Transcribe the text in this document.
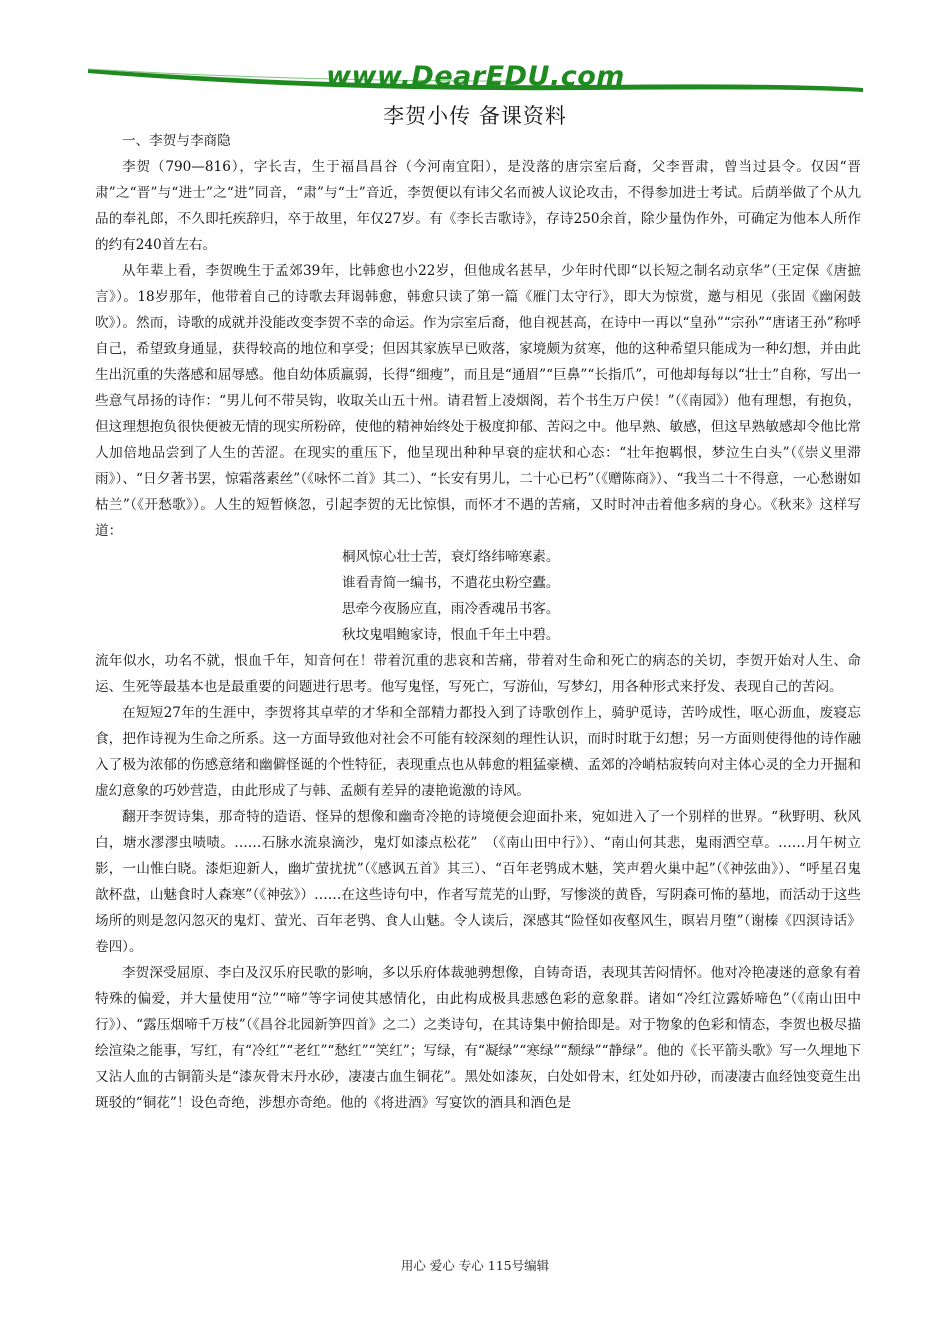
www.DearEDU.com
李贺小传 备课资料

一、李贺与李商隐

李贺（790—816），字长吉，生于福昌昌谷（今河南宜阳），是没落的唐宗室后裔，父李晋肃，曾当过县令。仅因“晋肃”之“晋”与“进士”之“进”同音，“肃”与“士”音近，李贺便以有讳父名而被人议论攻击，不得参加进士考试。后荫举做了个从九品的奉礼郎，不久即托疾辞归，卒于故里，年仅27岁。有《李长吉歌诗》，存诗250余首，除少量伪作外，可确定为他本人所作的约有240首左右。

从年辈上看，李贺晚生于孟郊39年，比韩愈也小22岁，但他成名甚早，少年时代即“以长短之制名动京华”（王定保《唐摭言》）。18岁那年，他带着自己的诗歌去拜谒韩愈，韩愈只读了第一篇《雁门太守行》，即大为惊赏，邀与相见（张固《幽闲鼓吹》）。然而，诗歌的成就并没能改变李贺不幸的命运。作为宗室后裔，他自视甚高，在诗中一再以“皇孙”“宗孙”“唐诸王孙”称呼自己，希望致身通显，获得较高的地位和享受；但因其家族早已败落，家境颇为贫寒，他的这种希望只能成为一种幻想，并由此生出沉重的失落感和屈辱感。他自幼体质羸弱，长得“细瘦”，而且是“通眉”“巨鼻”“长指爪”，可他却每每以“壮士”自称，写出一些意气昂扬的诗作：“男儿何不带吴钩，收取关山五十州。请君暂上凌烟阁，若个书生万户侯！”（《南园》）他有理想，有抱负，但这理想抱负很快便被无情的现实所粉碎，使他的精神始终处于极度抑郁、苦闷之中。他早熟、敏感，但这早熟敏感却令他比常人加倍地品尝到了人生的苦涩。在现实的重压下，他呈现出种种早衰的症状和心态：“壮年抱羁恨，梦泣生白头”（《崇义里滞雨》）、“日夕著书罢，惊霜落素丝”（《咏怀二首》其二）、“长安有男儿，二十心已朽”（《赠陈商》）、“我当二十不得意，一心愁谢如枯兰”（《开愁歌》）。人生的短暂倏忽，引起李贺的无比惊惧，而怀才不遇的苦痛，又时时冲击着他多病的身心。《秋来》这样写道：

桐风惊心壮士苦，衰灯络纬啼寒素。
谁看青简一编书，不遣花虫粉空蠹。
思牵今夜肠应直，雨冷香魂吊书客。
秋坟鬼唱鲍家诗，恨血千年土中碧。

流年似水，功名不就，恨血千年，知音何在！带着沉重的悲哀和苦痛，带着对生命和死亡的病态的关切，李贺开始对人生、命运、生死等最基本也是最重要的问题进行思考。他写鬼怪，写死亡，写游仙，写梦幻，用各种形式来抒发、表现自己的苦闷。

在短短27年的生涯中，李贺将其卓荦的才华和全部精力都投入到了诗歌创作上，骑驴觅诗，苦吟成性，呕心沥血，废寝忘食，把作诗视为生命之所系。这一方面导致他对社会不可能有较深刻的理性认识，而时时耽于幻想；另一方面则使得他的诗作融入了极为浓郁的伤感意绪和幽僻怪诞的个性特征，表现重点也从韩愈的粗猛豪横、孟郊的冷峭枯寂转向对主体心灵的全力开掘和虚幻意象的巧妙营造，由此形成了与韩、孟颇有差异的凄艳诡激的诗风。

翻开李贺诗集，那奇特的造语、怪异的想像和幽奇冷艳的诗境便会迎面扑来，宛如进入了一个别样的世界。“秋野明、秋风白，塘水漻漻虫啧啧。……石脉水流泉滴沙，鬼灯如漆点松花”　（《南山田中行》）、“南山何其悲，鬼雨洒空草。……月午树立影，一山惟白晓。漆炬迎新人，幽圹萤扰扰”（《感讽五首》其三）、“百年老鸮成木魅，笑声碧火巢中起”（《神弦曲》）、“呼星召鬼歆杯盘，山魅食时人森寒”（《神弦》）……在这些诗句中，作者写荒芜的山野，写惨淡的黄昏，写阴森可怖的墓地，而活动于这些场所的则是忽闪忽灭的鬼灯、萤光、百年老鸮、食人山魅。令人读后，深感其“险怪如夜壑风生，暝岩月堕”（谢榛《四溟诗话》卷四）。

李贺深受屈原、李白及汉乐府民歌的影响，多以乐府体裁驰骋想像，自铸奇语，表现其苦闷情怀。他对冷艳凄迷的意象有着特殊的偏爱，并大量使用“泣”“啼”等字词使其感情化，由此构成极具悲感色彩的意象群。诸如“冷红泣露娇啼色”（《南山田中行》）、“露压烟啼千万枝”（《昌谷北园新笋四首》之二）之类诗句，在其诗集中俯拾即是。对于物象的色彩和情态，李贺也极尽描绘渲染之能事，写红，有“冷红”“老红”“愁红”“笑红”；写绿，有“凝绿”“寒绿”“颓绿”“静绿”。他的《长平箭头歌》写一久埋地下又沾人血的古铜箭头是“漆灰骨末丹水砂，凄凄古血生铜花”。黑处如漆灰，白处如骨末，红处如丹砂，而凄凄古血经蚀变竟生出斑驳的“铜花”！设色奇绝，涉想亦奇绝。他的《将进酒》写宴饮的酒具和酒色是

用心 爱心 专心 115号编辑
